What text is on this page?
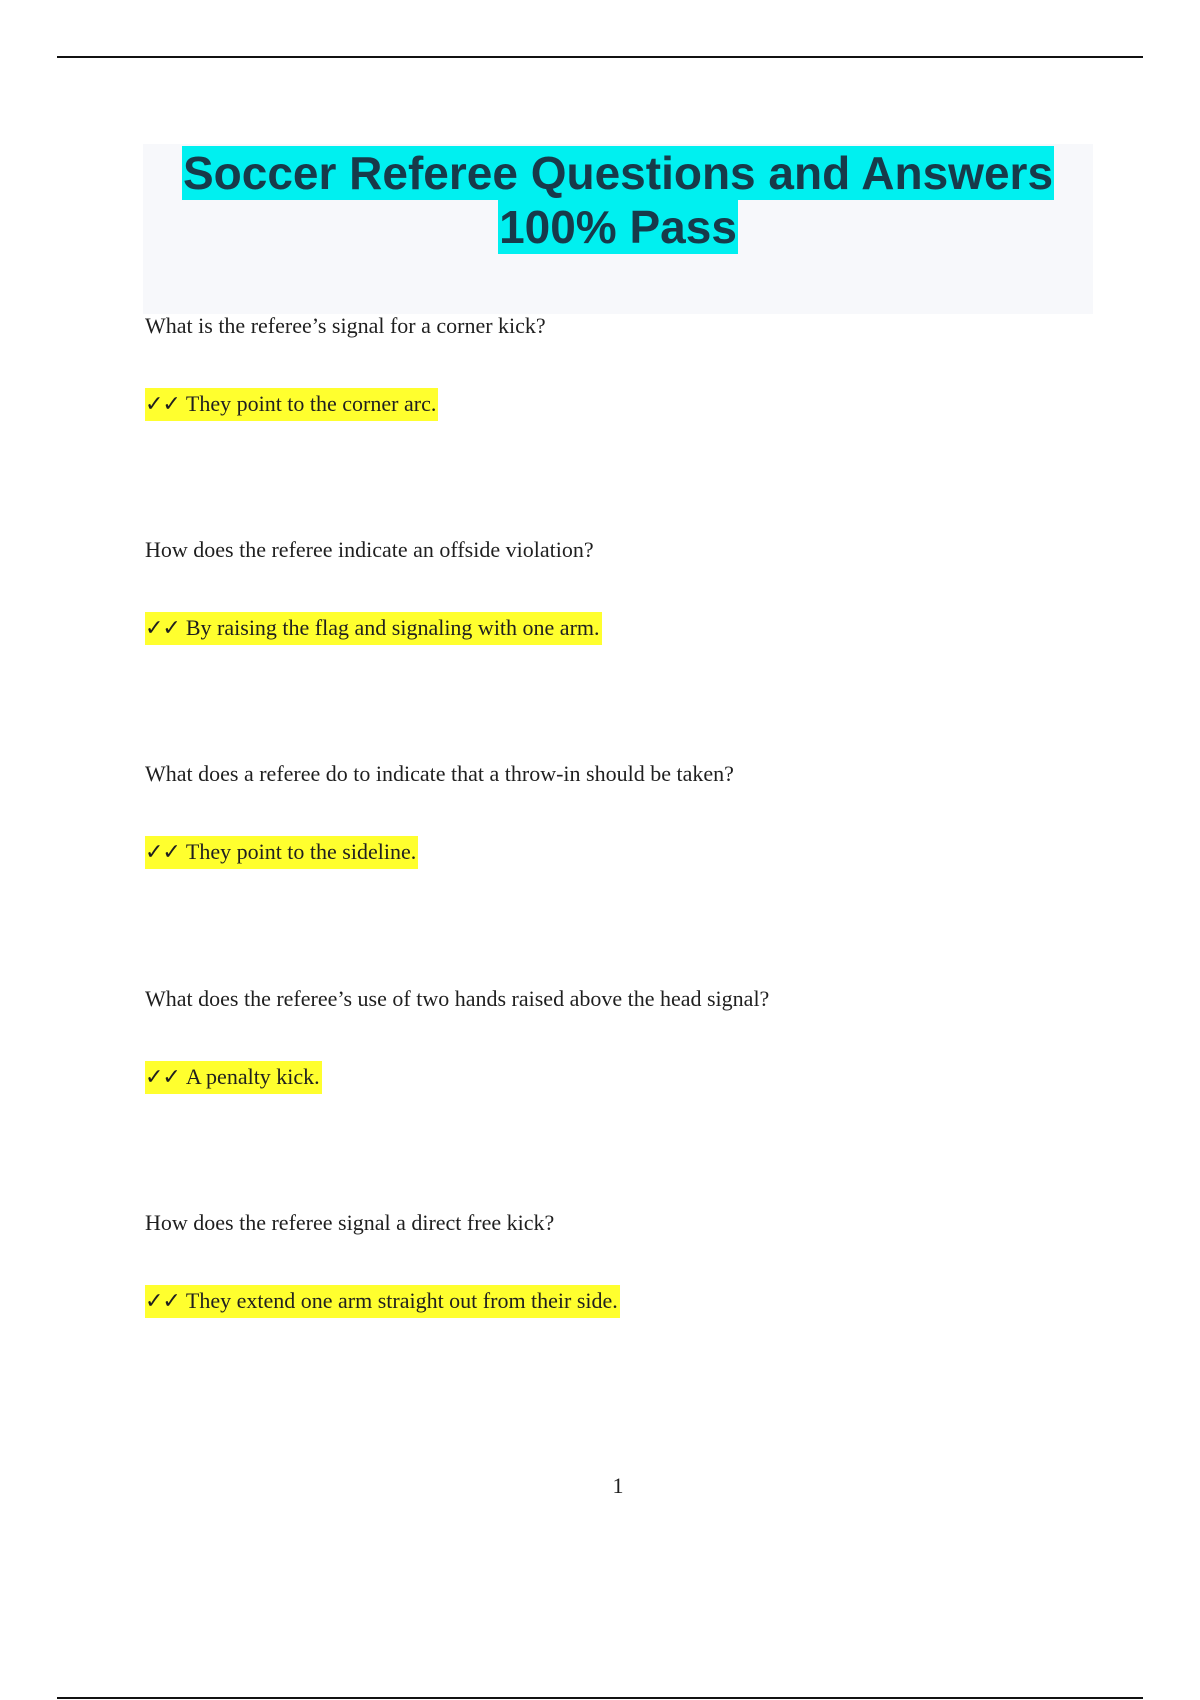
Soccer Referee Questions and Answers
100% Pass

What is the referee’s signal for a corner kick?

✓✓ They point to the corner arc.

How does the referee indicate an offside violation?

✓✓ By raising the flag and signaling with one arm.

What does a referee do to indicate that a throw-in should be taken?

✓✓ They point to the sideline.

What does the referee’s use of two hands raised above the head signal?

✓✓ A penalty kick.

How does the referee signal a direct free kick?

✓✓ They extend one arm straight out from their side.
1
